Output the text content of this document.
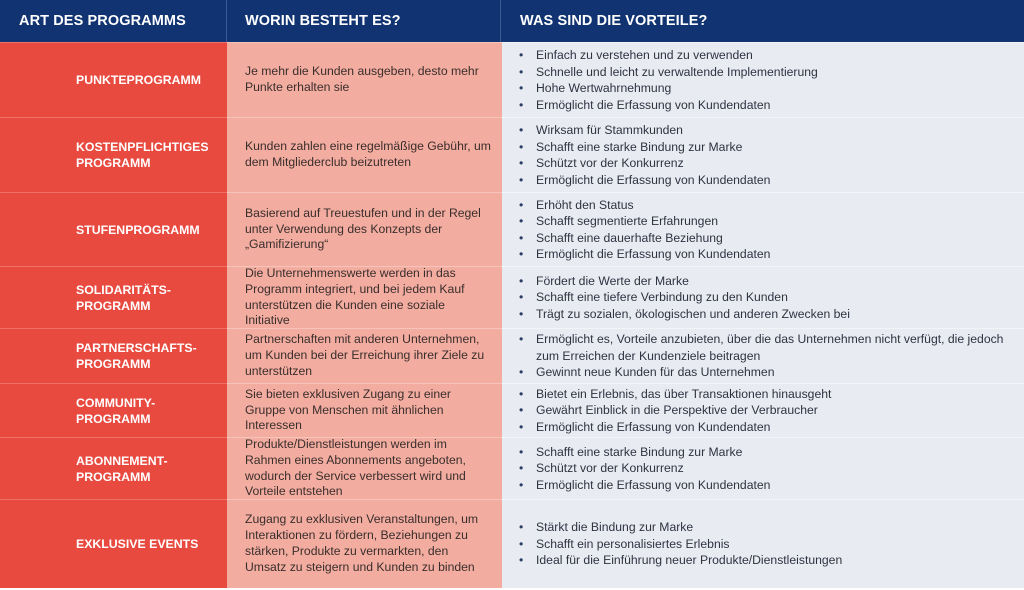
ART DES PROGRAMMS	WORIN BESTEHT ES?	WAS SIND DIE VORTEILE?
PUNKTEPROGRAMM
Je mehr die Kunden ausgeben, desto mehr Punkte erhalten sie
• Einfach zu verstehen und zu verwenden
• Schnelle und leicht zu verwaltende Implementierung
• Hohe Wertwahrnehmung
• Ermöglicht die Erfassung von Kundendaten
KOSTENPFLICHTIGES PROGRAMM
Kunden zahlen eine regelmäßige Gebühr, um dem Mitgliederclub beizutreten
• Wirksam für Stammkunden
• Schafft eine starke Bindung zur Marke
• Schützt vor der Konkurrenz
• Ermöglicht die Erfassung von Kundendaten
STUFENPROGRAMM
Basierend auf Treuestufen und in der Regel unter Verwendung des Konzepts der „Gamifizierung“
• Erhöht den Status
• Schafft segmentierte Erfahrungen
• Schafft eine dauerhafte Beziehung
• Ermöglicht die Erfassung von Kundendaten
SOLIDARITÄTS-PROGRAMM
Die Unternehmenswerte werden in das Programm integriert, und bei jedem Kauf unterstützen die Kunden eine soziale Initiative
• Fördert die Werte der Marke
• Schafft eine tiefere Verbindung zu den Kunden
• Trägt zu sozialen, ökologischen und anderen Zwecken bei
PARTNERSCHAFTS-PROGRAMM
Partnerschaften mit anderen Unternehmen, um Kunden bei der Erreichung ihrer Ziele zu unterstützen
• Ermöglicht es, Vorteile anzubieten, über die das Unternehmen nicht verfügt, die jedoch zum Erreichen der Kundenziele beitragen
• Gewinnt neue Kunden für das Unternehmen
COMMUNITY-PROGRAMM
Sie bieten exklusiven Zugang zu einer Gruppe von Menschen mit ähnlichen Interessen
• Bietet ein Erlebnis, das über Transaktionen hinausgeht
• Gewährt Einblick in die Perspektive der Verbraucher
• Ermöglicht die Erfassung von Kundendaten
ABONNEMENT-PROGRAMM
Produkte/Dienstleistungen werden im Rahmen eines Abonnements angeboten, wodurch der Service verbessert wird und Vorteile entstehen
• Schafft eine starke Bindung zur Marke
• Schützt vor der Konkurrenz
• Ermöglicht die Erfassung von Kundendaten
EXKLUSIVE EVENTS
Zugang zu exklusiven Veranstaltungen, um Interaktionen zu fördern, Beziehungen zu stärken, Produkte zu vermarkten, den Umsatz zu steigern und Kunden zu binden
• Stärkt die Bindung zur Marke
• Schafft ein personalisiertes Erlebnis
• Ideal für die Einführung neuer Produkte/Dienstleistungen
